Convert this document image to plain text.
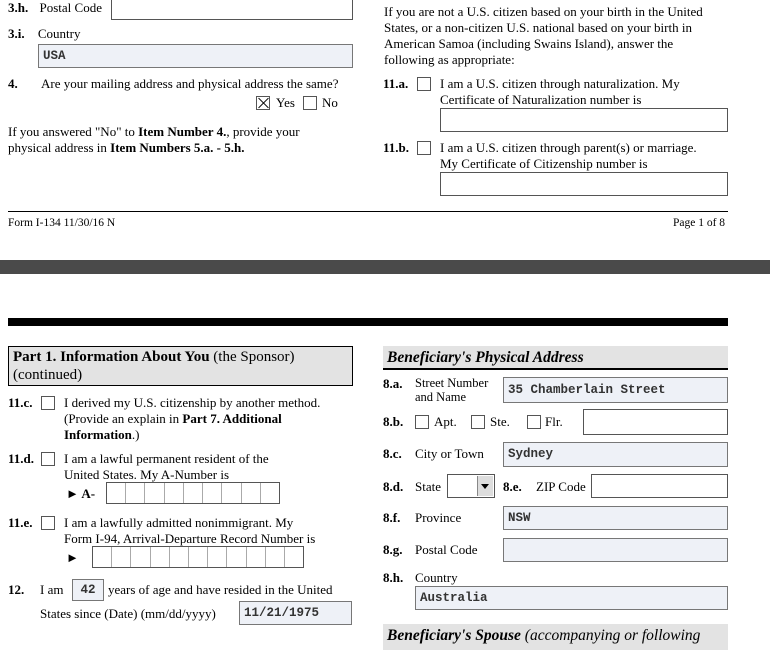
3.h. Postal Code
3.i. Country
USA
4. Are your mailing address and physical address the same?
Yes No
If you answered "No" to Item Number 4., provide your
physical address in Item Numbers 5.a. - 5.h.
If you are not a U.S. citizen based on your birth in the United
States, or a non-citizen U.S. national based on your birth in
American Samoa (including Swains Island), answer the
following as appropriate:
11.a. I am a U.S. citizen through naturalization. My
Certificate of Naturalization number is
11.b. I am a U.S. citizen through parent(s) or marriage.
My Certificate of Citizenship number is
Form I-134 11/30/16 N	Page 1 of 8
Part 1. Information About You (the Sponsor)
(continued)
11.c. I derived my U.S. citizenship by another method.
(Provide an explain in Part 7. Additional
Information.)
11.d. I am a lawful permanent resident of the
United States. My A-Number is
► A-
11.e. I am a lawfully admitted nonimmigrant. My
Form I-94, Arrival-Departure Record Number is
►
12. I am	42 years of age and have resided in the United
States since (Date) (mm/dd/yyyy)	11/21/1975
Beneficiary's Physical Address
8.a. Street Number
and Name	35 Chamberlain Street
8.b. Apt.	Ste.	Flr.
8.c. City or Town	Sydney
8.d. State	8.e. ZIP Code
8.f. Province	NSW
8.g. Postal Code
8.h. Country
Australia
Beneficiary's Spouse (accompanying or following
